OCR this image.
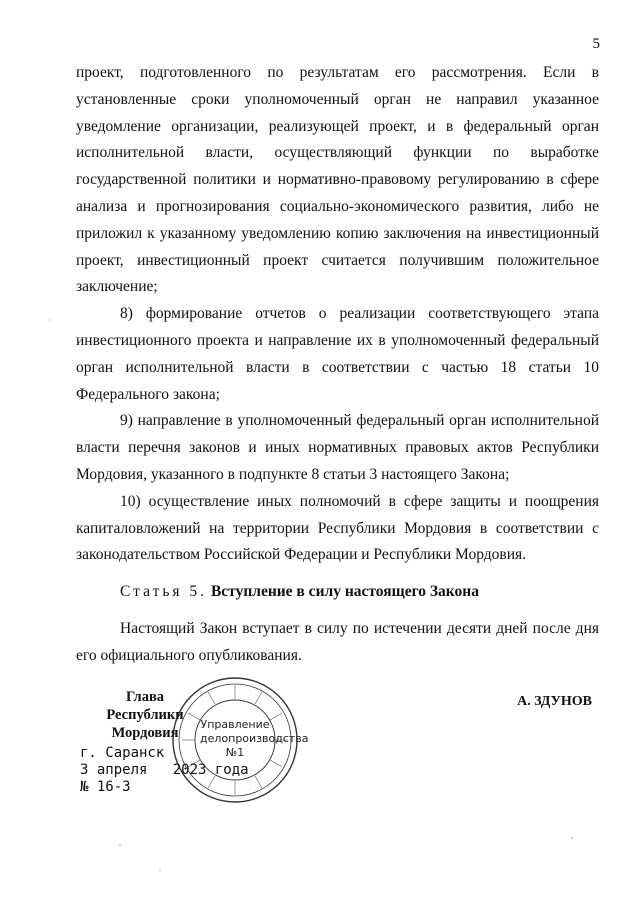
5

проект, подготовленного по результатам его рассмотрения. Если в установленные сроки уполномоченный орган не направил указанное уведомление организации, реализующей проект, и в федеральный орган исполнительной власти, осуществляющий функции по выработке государственной политики и нормативно-правовому регулированию в сфере анализа и прогнозирования социально-экономического развития, либо не приложил к указанному уведомлению копию заключения на инвестиционный проект, инвестиционный проект считается получившим положительное заключение;

8) формирование отчетов о реализации соответствующего этапа инвестиционного проекта и направление их в уполномоченный федеральный орган исполнительной власти в соответствии с частью 18 статьи 10 Федерального закона;

9) направление в уполномоченный федеральный орган исполнительной власти перечня законов и иных нормативных правовых актов Республики Мордовия, указанного в подпункте 8 статьи 3 настоящего Закона;

10) осуществление иных полномочий в сфере защиты и поощрения капиталовложений на территории Республики Мордовия в соответствии с законодательством Российской Федерации и Республики Мордовия.

Статья 5. Вступление в силу настоящего Закона

Настоящий Закон вступает в силу по истечении десяти дней после дня его официального опубликования.

Управление
делопроизводства
№1
Глава
Республики Мордовия
А. ЗДУНОВ
г. Саранск
3 апреля   2023 года
№ 16-З
